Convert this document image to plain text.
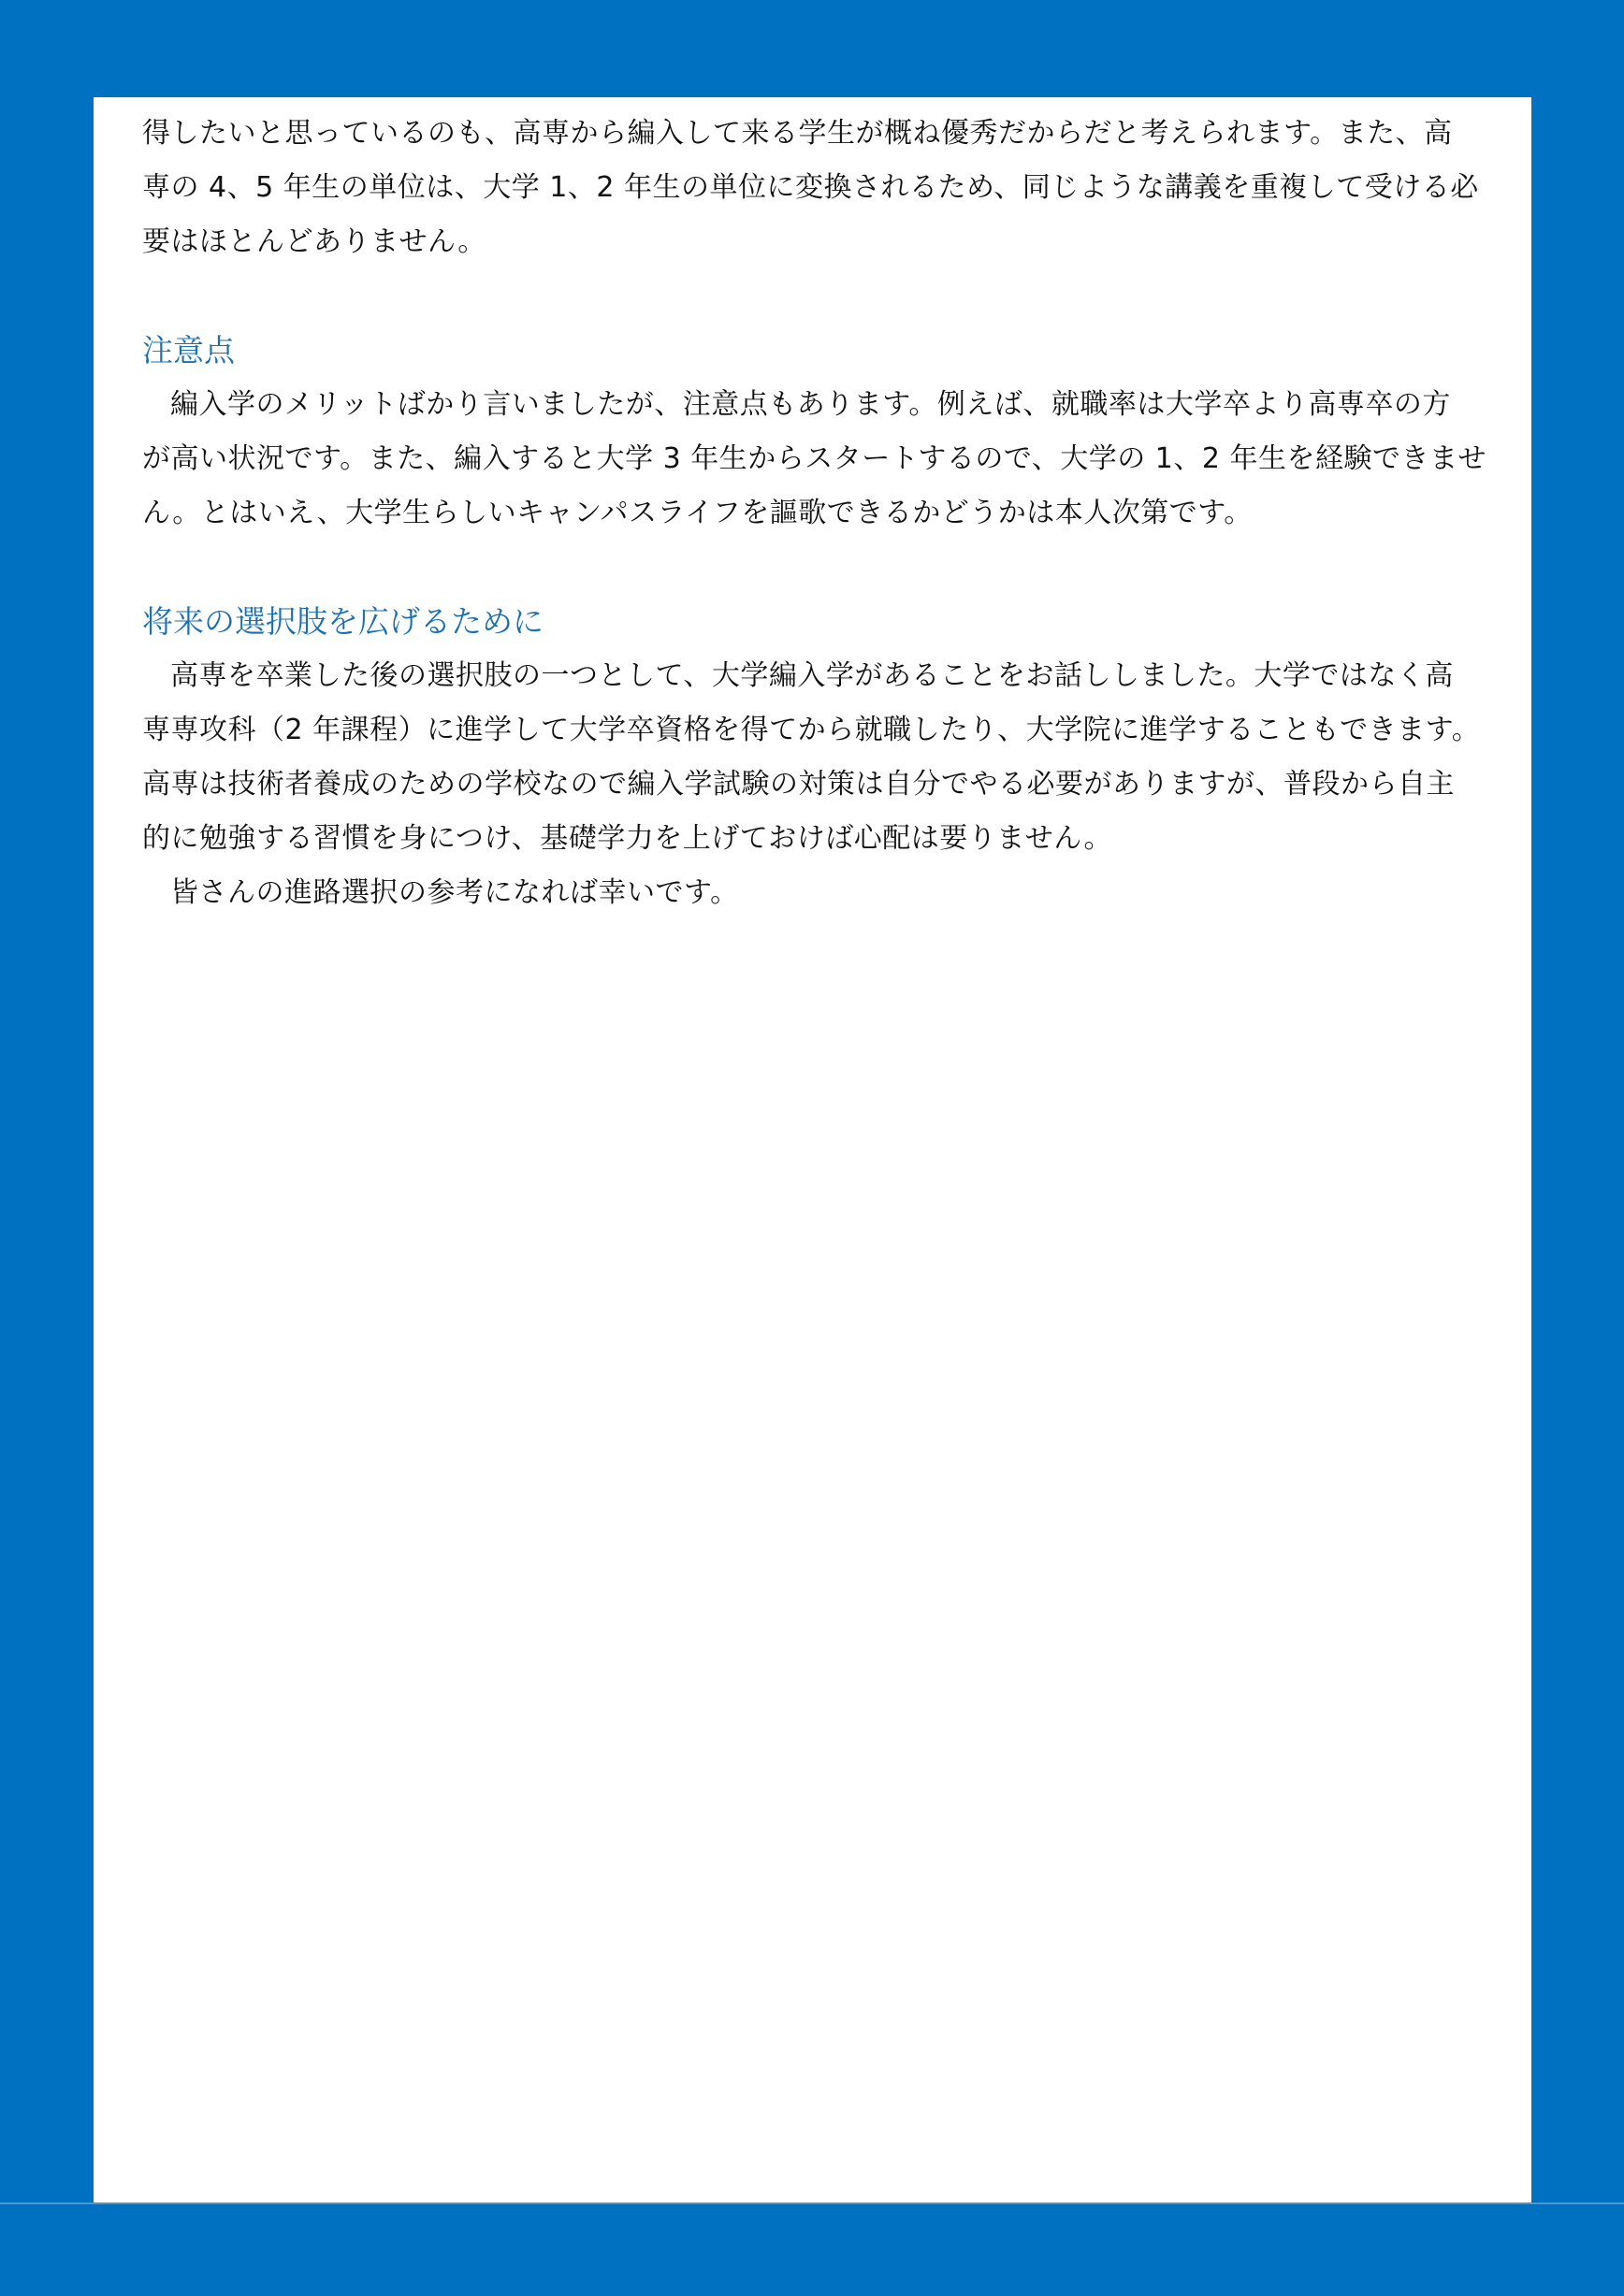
得したいと思っているのも、高専から編入して来る学生が概ね優秀だからだと考えられます。また、高

専の 4、5 年生の単位は、大学 1、2 年生の単位に変換されるため、同じような講義を重複して受ける必

要はほとんどありません。

注意点

編入学のメリットばかり言いましたが、注意点もあります。例えば、就職率は大学卒より高専卒の方

が高い状況です。また、編入すると大学 3 年生からスタートするので、大学の 1、2 年生を経験できませ

ん。とはいえ、大学生らしいキャンパスライフを謳歌できるかどうかは本人次第です。

将来の選択肢を広げるために

高専を卒業した後の選択肢の一つとして、大学編入学があることをお話ししました。大学ではなく高

専専攻科（2 年課程）に進学して大学卒資格を得てから就職したり、大学院に進学することもできます。

高専は技術者養成のための学校なので編入学試験の対策は自分でやる必要がありますが、普段から自主

的に勉強する習慣を身につけ、基礎学力を上げておけば心配は要りません。

皆さんの進路選択の参考になれば幸いです。
